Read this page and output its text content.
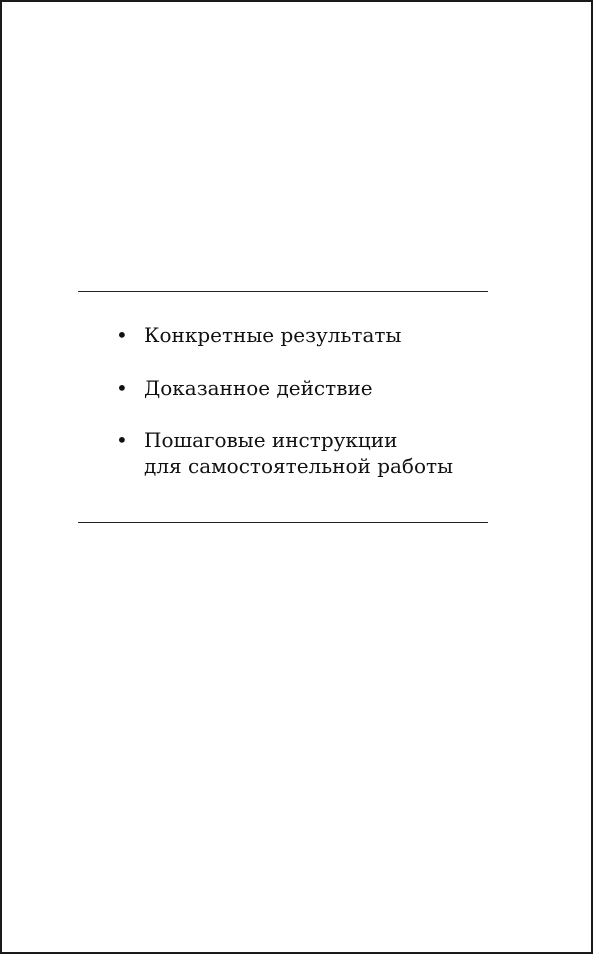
• Конкретные результаты
• Доказанное действие
• Пошаговые инструкции
для самостоятельной работы
